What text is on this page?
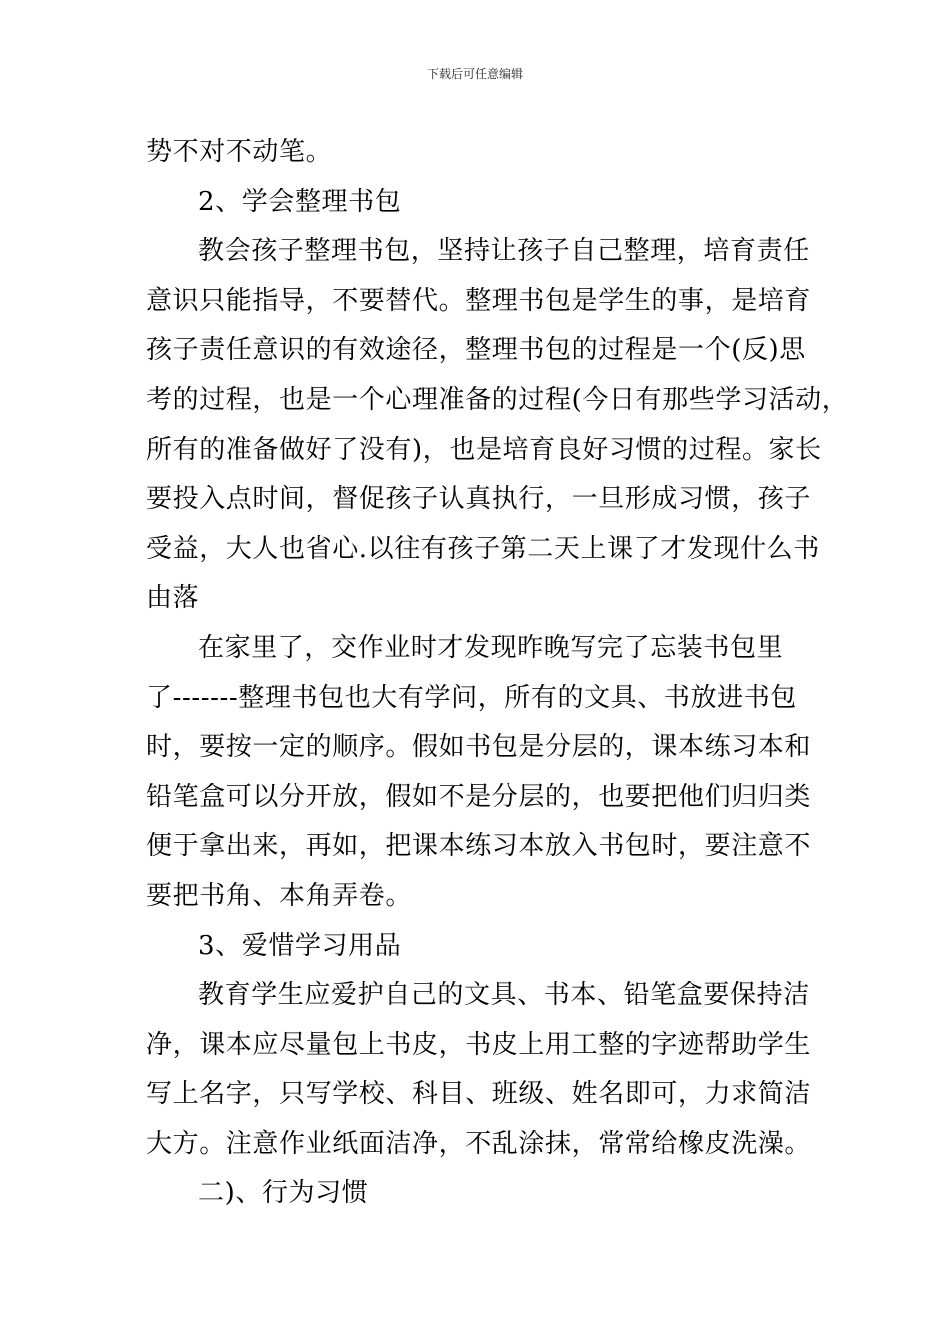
下载后可任意编辑

势不对不动笔。

2、学会整理书包

教会孩子整理书包，坚持让孩子自己整理，培育责任

意识只能指导，不要替代。整理书包是学生的事，是培育

孩子责任意识的有效途径，整理书包的过程是一个(反)思

考的过程，也是一个心理准备的过程(今日有那些学习活动，

所有的准备做好了没有)，也是培育良好习惯的过程。家长

要投入点时间，督促孩子认真执行，一旦形成习惯，孩子

受益，大人也省心.以往有孩子第二天上课了才发现什么书

由落

在家里了，交作业时才发现昨晚写完了忘装书包里

了-------整理书包也大有学问，所有的文具、书放进书包

时，要按一定的顺序。假如书包是分层的，课本练习本和

铅笔盒可以分开放，假如不是分层的，也要把他们归归类

便于拿出来，再如，把课本练习本放入书包时，要注意不

要把书角、本角弄卷。

3、爱惜学习用品

教育学生应爱护自己的文具、书本、铅笔盒要保持洁

净，课本应尽量包上书皮，书皮上用工整的字迹帮助学生

写上名字，只写学校、科目、班级、姓名即可，力求简洁

大方。注意作业纸面洁净，不乱涂抹，常常给橡皮洗澡。

二)、行为习惯
